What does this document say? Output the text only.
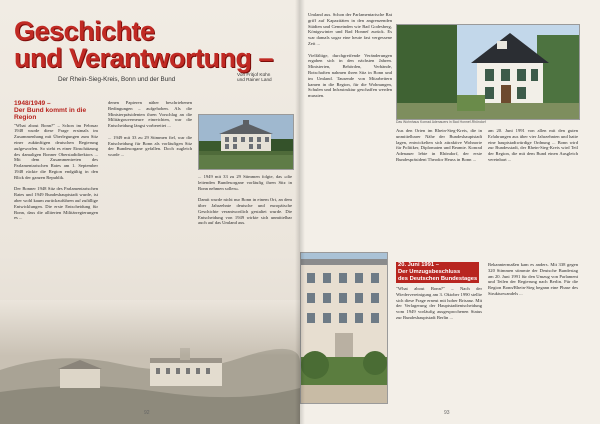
Geschichte
und Verantwortung –
Der Rhein-Sieg-Kreis, Bonn und der Bund
Von Fritjof Kühn
und Rainer Land
1948/1949 –
Der Bund kommt in die Region

"What about Bonn?" – Schon im Februar 1948 wurde diese Frage erstmals im Zusammenhang mit Überlegungen zum Sitz einer zukünftigen deutschen Regierung aufgeworfen. So steht es einer Einschätzung des damaligen Bonner Oberstadtdirektors ... Mit dem Zusammentreten des Parlamentarischen Rates am 1. September 1948 rückte die Region endgültig in den Blick der ganzen Republik.

Der Bonner 1948 Sitz des Parlamentarischen Rates und 1949 Bundeshauptstadt wurde, ist aber wohl kaum zurückzuführen auf zufällige Entwicklungen. Die erste Entscheidung für Bonn, dass die alliierten Militärregierungen es ...

denen Papieren näher beschriebenen Bedingungen – aufgehoben. Als die Ministerpräsidenten ihren Vorschlag an die Militärgouverneure einreichten, war die Entscheidung längst vorbereitet ...

... 1949 mit 33 zu 29 Stimmen fiel, war die Entscheidung für Bonn als vorläufigen Sitz der Bundesorgane gefallen. Doch zugleich wurde ...

... 1949 mit 33 zu 29 Stimmen folgte, das »die leitenden Bundesorgane vorläufig ihren Sitz in Bonn nehmen sollen«.

Damit wurde nicht nur Bonn in einem Ort, an dem über Jahrzehnte deutsche und europäische Geschichte verantwortlich gestaltet wurde. Die Entscheidung von 1949 wirkte sich unmittelbar auch auf das Umland aus.

92

Umland aus. Schon der Parlamentarische Rat griff auf Kapazitäten in den angrenzenden Städten und Gemeinden wie Bad Godesberg, Königswinter und Bad Honnef zurück. Es war damals sogar eine heute fast vergessene Zeit ...

Vielfältige, durchgreifende Veränderungen ergaben sich in den nächsten Jahren. Ministerien, Behörden, Verbände, Botschaften nahmen ihren Sitz in Bonn und im Umland. Tausende von Mitarbeitern kamen in die Region, für die Wohnungen, Schulen und Infrastruktur geschaffen werden mussten.

Das Wohnhaus Konrad Adenauers in Bad Honnef-Rhöndorf

Aus den Orten im Rhein-Sieg-Kreis, die in unmittelbarer Nähe der Bundeshauptstadt lagen, entwickelten sich attraktive Wohnorte für Politiker, Diplomaten und Beamte. Konrad Adenauer lebte in Rhöndorf, der erste Bundespräsident Theodor Heuss in Bonn ...

am 20. Juni 1991 von allen mit den guten Erfahrungen aus über vier Jahrzehnten und hatte eine hauptstadtwürdige Ordnung ... Bonn wird zur Bundesstadt, der Rhein-Sieg-Kreis wird Teil der Region, die mit dem Bund einen Ausgleich vereinbart ...

20. Juni 1991 –
Der Umzugsbeschluss
des Deutschen Bundestages

"What about Bonn?" – Nach der Wiedervereinigung am 3. Oktober 1990 stellte sich diese Frage erneut mit hoher Brisanz. Mit der Verlagerung der Hauptstadtentscheidung vom 1949 vorläufig ausgesprochenen Status zur Bundeshauptstadt Berlin ...

Bekanntermaßen kam es anders. Mit 338 gegen 320 Stimmen stimmte der Deutsche Bundestag am 20. Juni 1991 für den Umzug von Parlament und Teilen der Regierung nach Berlin. Für die Region Bonn/Rhein-Sieg begann eine Phase des Strukturwandels ...

93
